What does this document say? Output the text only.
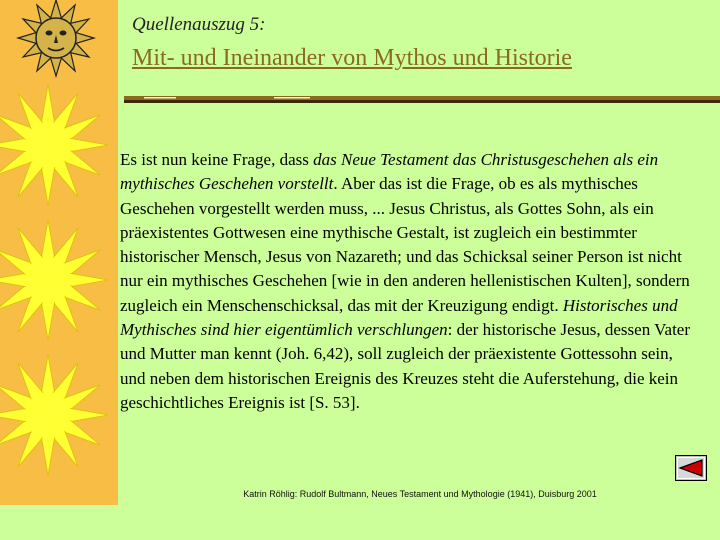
Quellenauszug 5:
Mit- und Ineinander von Mythos und Historie
Es ist nun keine Frage, dass das Neue Testament das Christusgeschehen als ein mythisches Geschehen vorstellt. Aber das ist die Frage, ob es als mythisches Geschehen vorgestellt werden muss, ... Jesus Christus, als Gottes Sohn, als ein präexistentes Gottwesen eine mythische Gestalt, ist zugleich ein bestimmter historischer Mensch, Jesus von Nazareth; und das Schicksal seiner Person ist nicht nur ein mythisches Geschehen [wie in den anderen hellenistischen Kulten], sondern zugleich ein Menschenschicksal, das mit der Kreuzigung endigt. Historisches und Mythisches sind hier eigentümlich verschlungen: der historische Jesus, dessen Vater und Mutter man kennt (Joh. 6,42), soll zugleich der präexistente Gottessohn sein, und neben dem historischen Ereignis des Kreuzes steht die Auferstehung, die kein geschichtliches Ereignis ist [S. 53].
Katrin Röhlig: Rudolf Bultmann, Neues Testament und Mythologie (1941), Duisburg 2001
